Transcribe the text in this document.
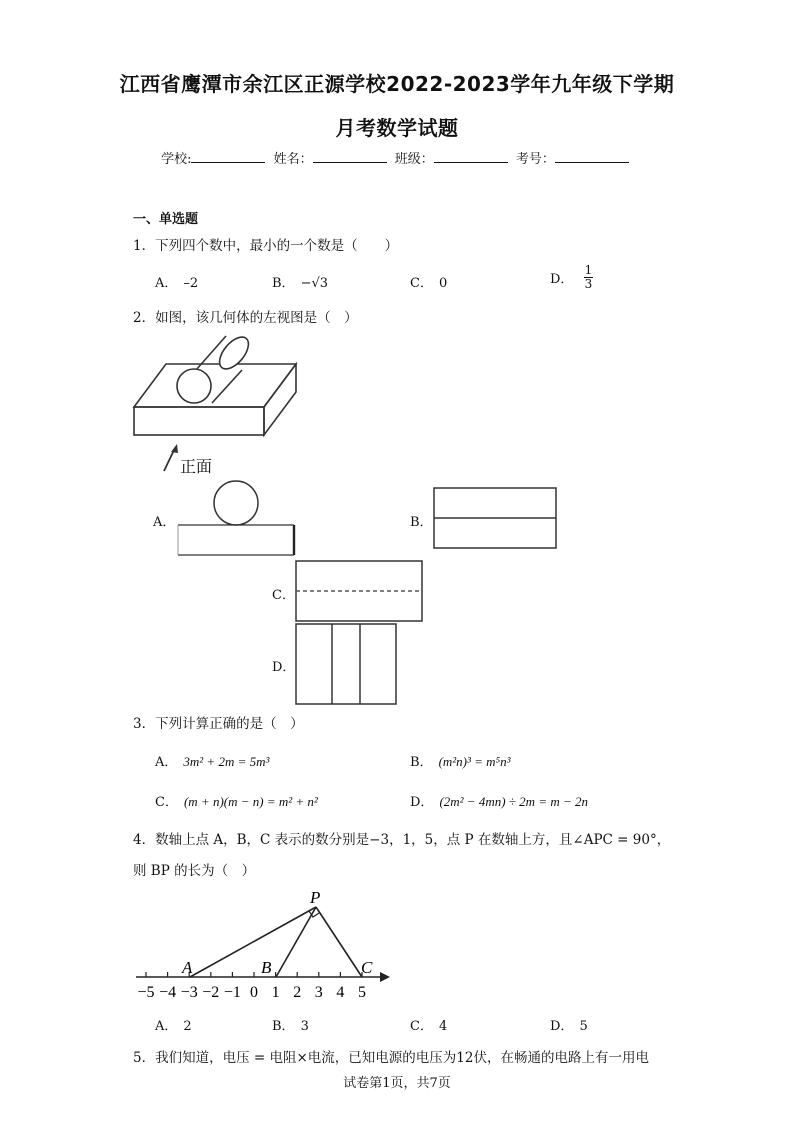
江西省鹰潭市余江区正源学校2022-2023学年九年级下学期
月考数学试题
学校:	姓名：	班级：	考号：
一、单选题
1．下列四个数中，最小的一个数是（　　）
A． –2	B． −√3	C． 0	D． $\frac{1}{3}$
2．如图，该几何体的左视图是（　）
正面
A．	B．
C．
D．
3．下列计算正确的是（　）
A． 3m² + 2m = 5m³	B． (m²n)³ = m⁵n³
C． (m + n)(m − n) = m² + n²	D． (2m² − 4mn) ÷ 2m = m − 2n
4．数轴上点 A，B，C 表示的数分别是−3，1，5，点 P 在数轴上方，且∠APC = 90°，
则 BP 的长为（　）
−5 −4 −3 −2 −1 0 1 2 3 4 5
P
A	B	C
A． 2	B． 3	C． 4	D． 5
5．我们知道，电压 = 电阻×电流，已知电源的电压为12伏，在畅通的电路上有一用电
试卷第1页，共7页
